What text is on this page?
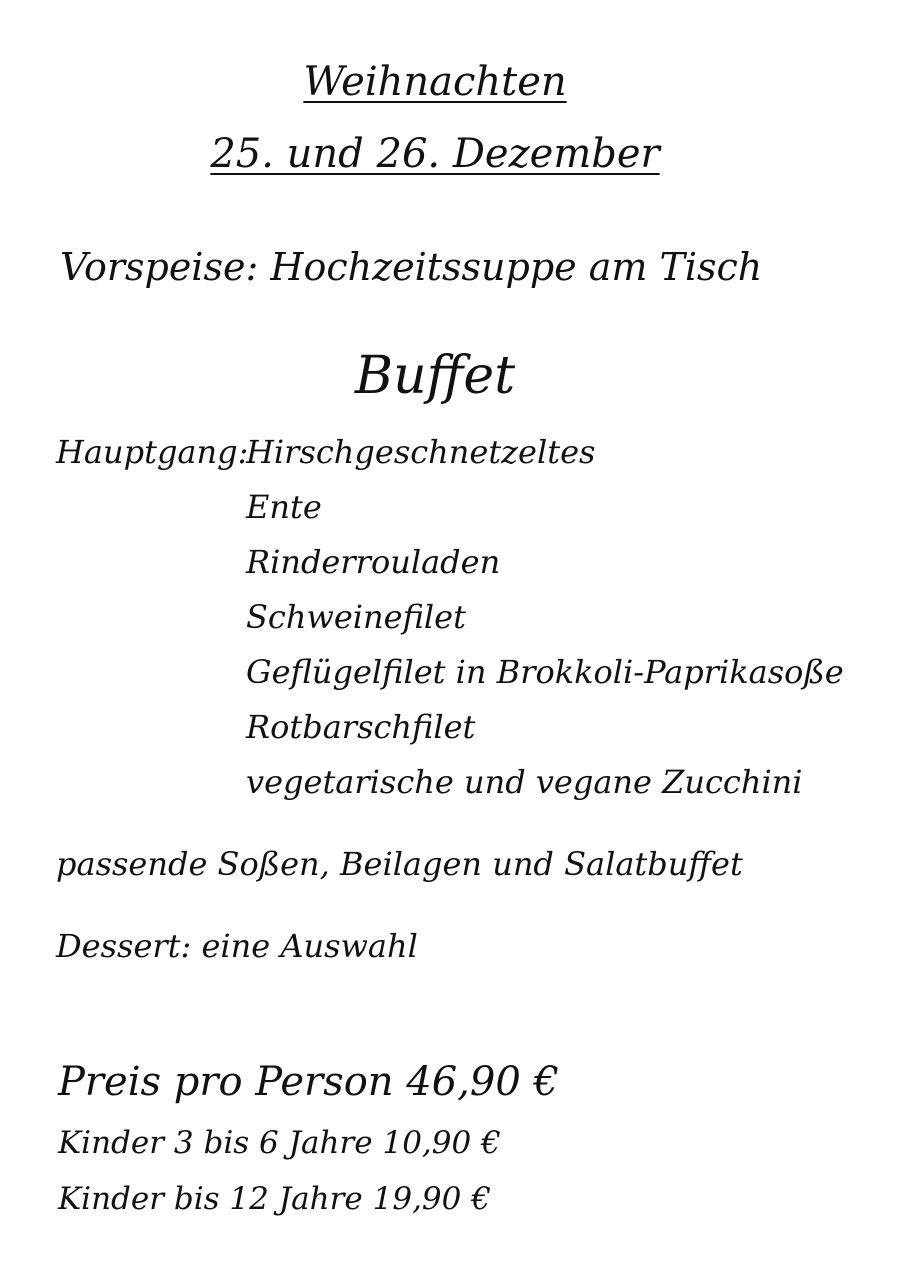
Weihnachten
25. und 26. Dezember
Vorspeise: Hochzeitssuppe am Tisch
Buffet
Hauptgang:
Hirschgeschnetzeltes
Ente
Rinderrouladen
Schweinefilet
Geflügelfilet in Brokkoli-Paprikasoße
Rotbarschfilet
vegetarische und vegane Zucchini
passende Soßen, Beilagen und Salatbuffet
Dessert: eine Auswahl
Preis pro Person 46,90 €
Kinder 3 bis 6 Jahre 10,90 €
Kinder bis 12 Jahre 19,90 €
